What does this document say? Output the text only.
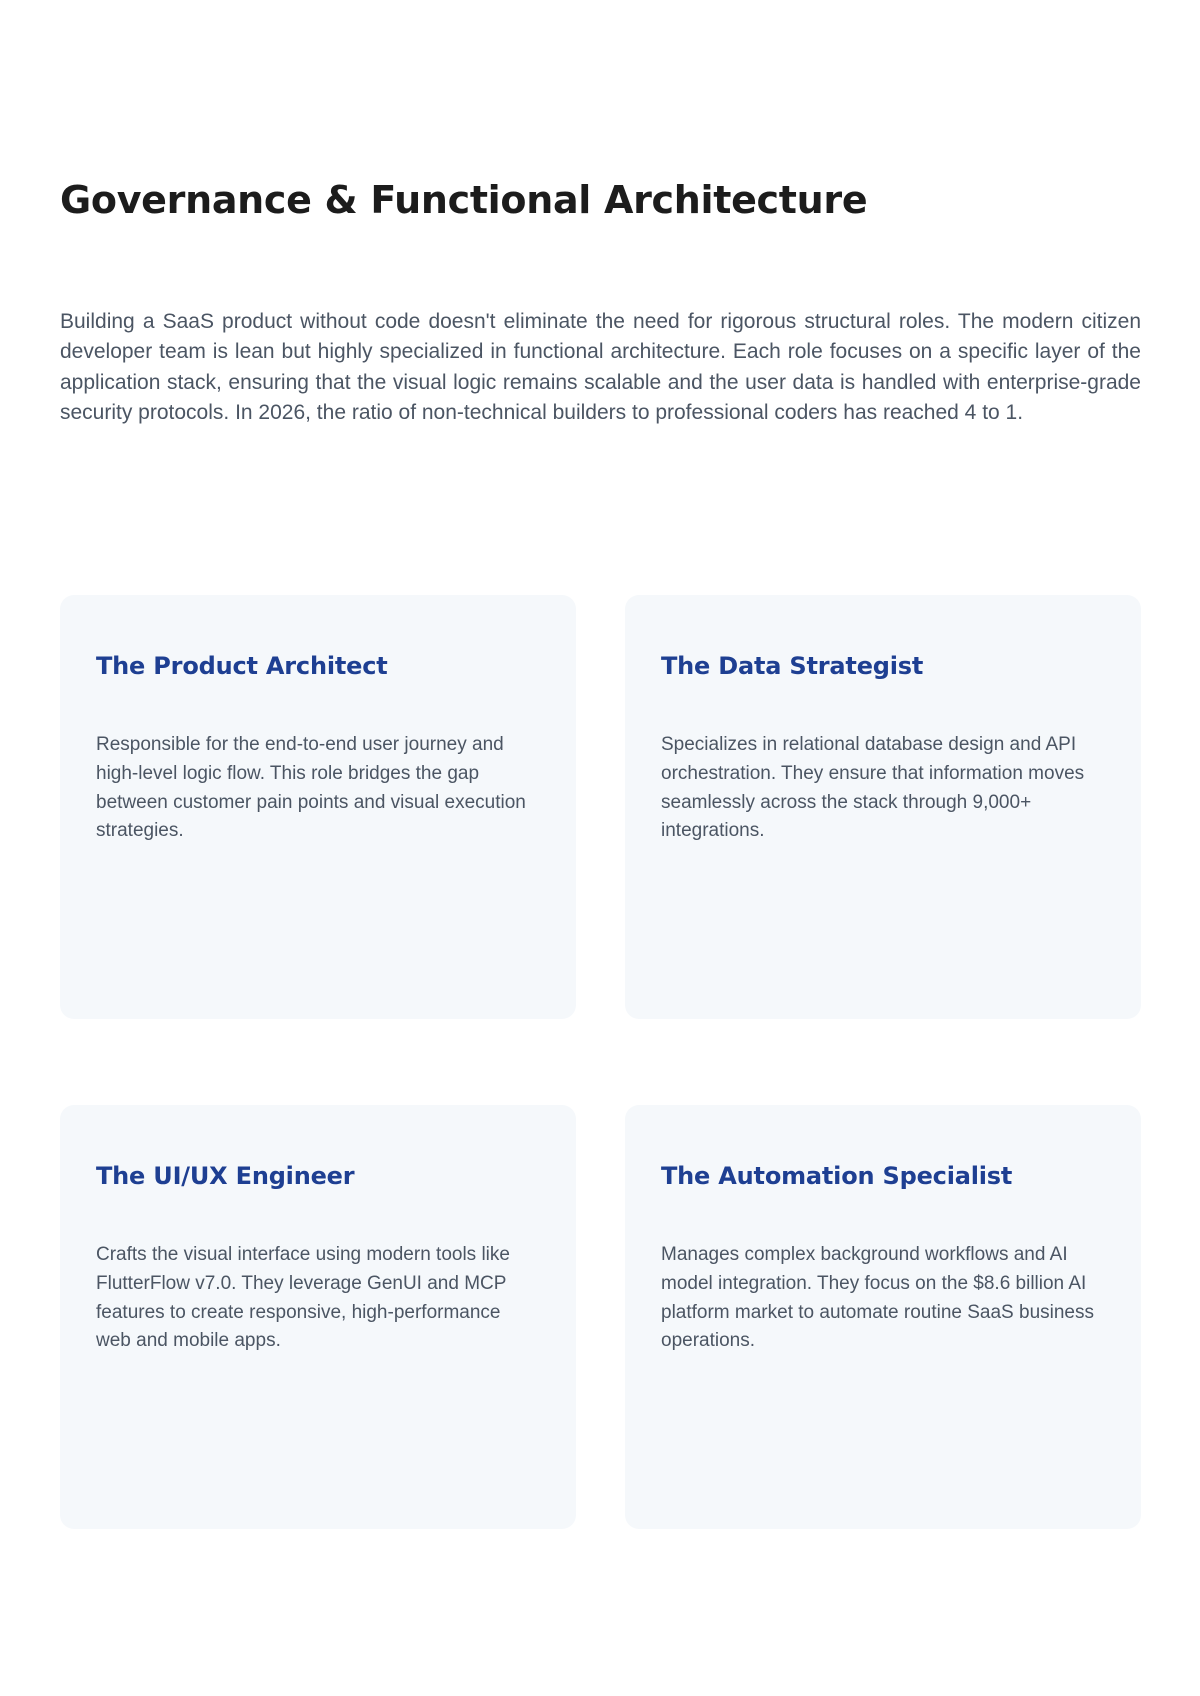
Governance & Functional Architecture

Building a SaaS product without code doesn't eliminate the need for rigorous structural roles. The modern citizen developer team is lean but highly specialized in functional architecture. Each role focuses on a specific layer of the application stack, ensuring that the visual logic remains scalable and the user data is handled with enterprise-grade security protocols. In 2026, the ratio of non-technical builders to professional coders has reached 4 to 1.

The Product Architect

Responsible for the end-to-end user journey and high-level logic flow. This role bridges the gap between customer pain points and visual execution strategies.

The Data Strategist

Specializes in relational database design and API orchestration. They ensure that information moves seamlessly across the stack through 9,000+ integrations.

The UI/UX Engineer

Crafts the visual interface using modern tools like FlutterFlow v7.0. They leverage GenUI and MCP features to create responsive, high-performance web and mobile apps.

The Automation Specialist

Manages complex background workflows and AI model integration. They focus on the $8.6 billion AI platform market to automate routine SaaS business operations.
